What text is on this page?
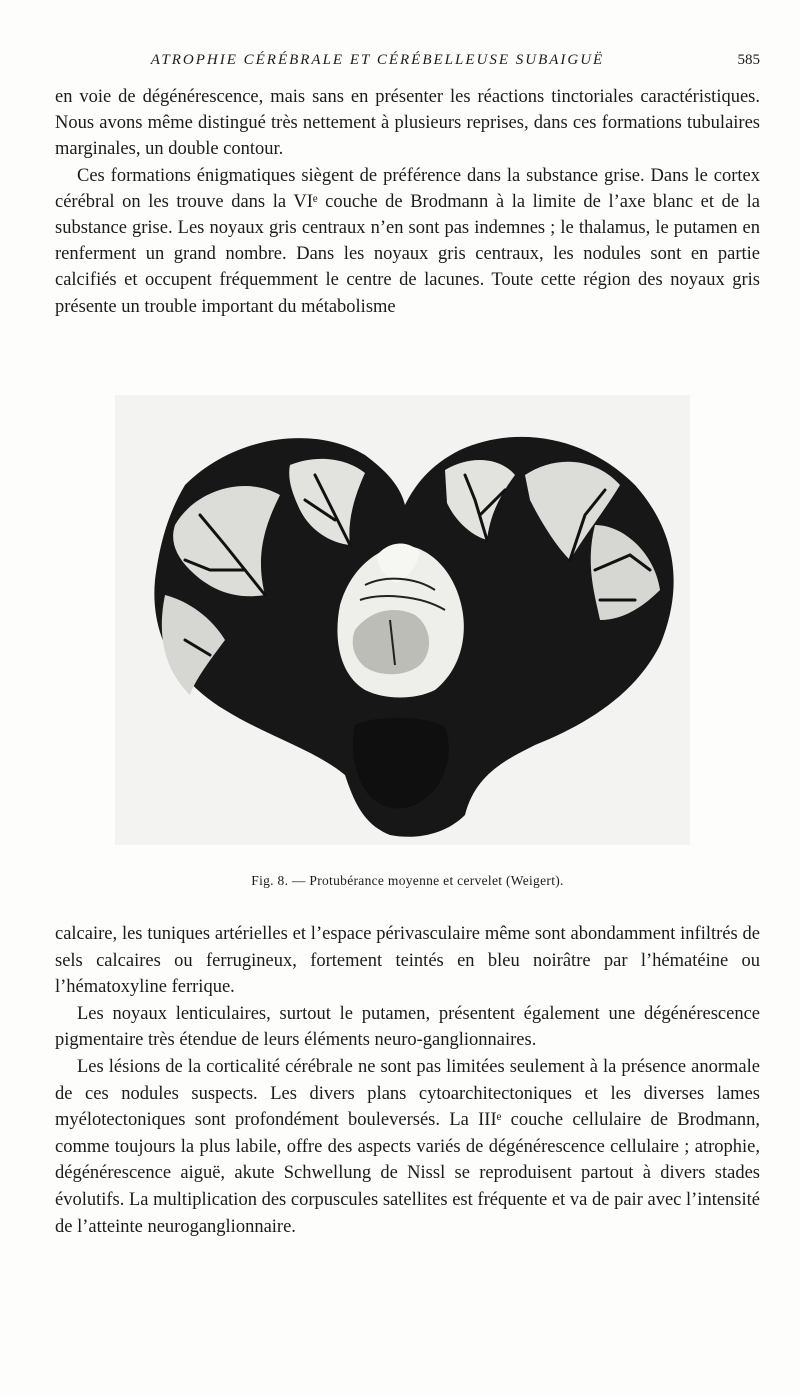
ATROPHIE CÉRÉBRALE ET CÉRÉBELLEUSE SUBAIGUË	585

en voie de dégénérescence, mais sans en présenter les réactions tinctoriales caractéristiques. Nous avons même distingué très nettement à plusieurs reprises, dans ces formations tubulaires marginales, un double contour.

Ces formations énigmatiques siègent de préférence dans la substance grise. Dans le cortex cérébral on les trouve dans la VIᵉ couche de Brodmann à la limite de l’axe blanc et de la substance grise. Les noyaux gris centraux n’en sont pas indemnes ; le thalamus, le putamen en renferment un grand nombre. Dans les noyaux gris centraux, les nodules sont en partie calcifiés et occupent fréquemment le centre de lacunes. Toute cette région des noyaux gris présente un trouble important du métabolisme

Fig. 8. — Protubérance moyenne et cervelet (Weigert).

calcaire, les tuniques artérielles et l’espace périvasculaire même sont abondamment infiltrés de sels calcaires ou ferrugineux, fortement teintés en bleu noirâtre par l’hématéine ou l’hématoxyline ferrique.

Les noyaux lenticulaires, surtout le putamen, présentent également une dégénérescence pigmentaire très étendue de leurs éléments neuro-ganglionnaires.

Les lésions de la corticalité cérébrale ne sont pas limitées seulement à la présence anormale de ces nodules suspects. Les divers plans cytoarchitectoniques et les diverses lames myélotectoniques sont profondément bouleversés. La IIIᵉ couche cellulaire de Brodmann, comme toujours la plus labile, offre des aspects variés de dégénérescence cellulaire ; atrophie, dégénérescence aiguë, akute Schwellung de Nissl se reproduisent partout à divers stades évolutifs. La multiplication des corpuscules satellites est fréquente et va de pair avec l’intensité de l’atteinte neuroganglionnaire.
